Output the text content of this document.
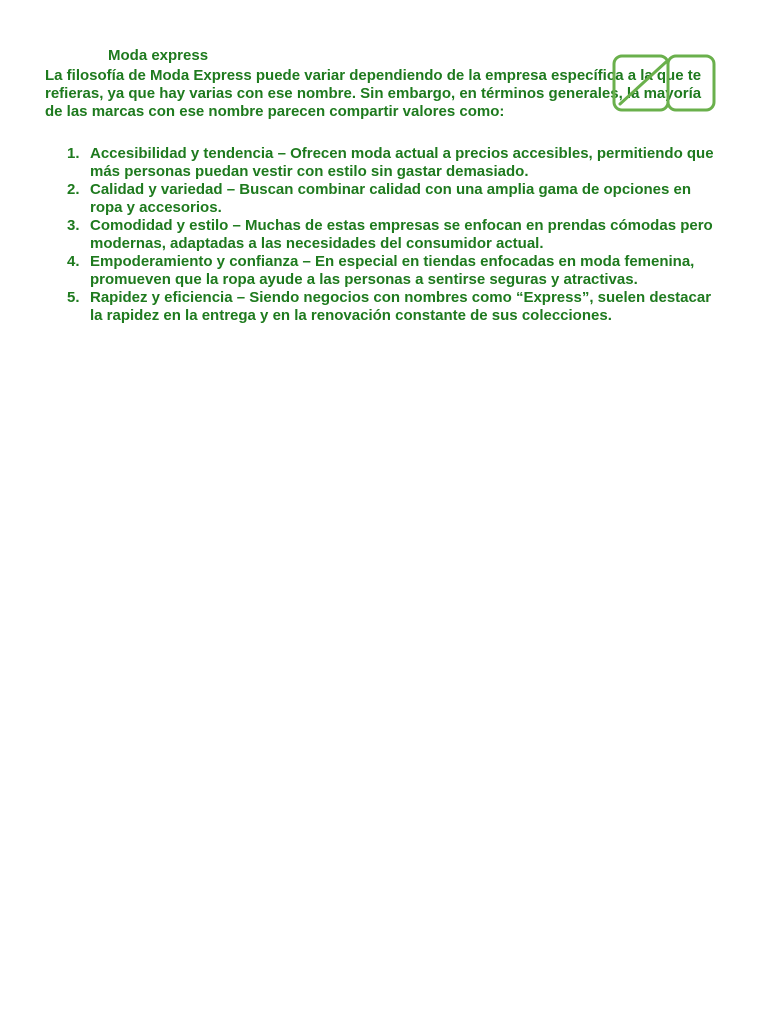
Moda express

La filosofía de Moda Express puede variar dependiendo de la empresa específica a la que te refieras, ya que hay varias con ese nombre. Sin embargo, en términos generales, la mayoría de las marcas con ese nombre parecen compartir valores como:

1. Accesibilidad y tendencia – Ofrecen moda actual a precios accesibles, permitiendo que más personas puedan vestir con estilo sin gastar demasiado.
2. Calidad y variedad – Buscan combinar calidad con una amplia gama de opciones en ropa y accesorios.
3. Comodidad y estilo – Muchas de estas empresas se enfocan en prendas cómodas pero modernas, adaptadas a las necesidades del consumidor actual.
4. Empoderamiento y confianza – En especial en tiendas enfocadas en moda femenina, promueven que la ropa ayude a las personas a sentirse seguras y atractivas.
5. Rapidez y eficiencia – Siendo negocios con nombres como “Express”, suelen destacar la rapidez en la entrega y en la renovación constante de sus colecciones.
